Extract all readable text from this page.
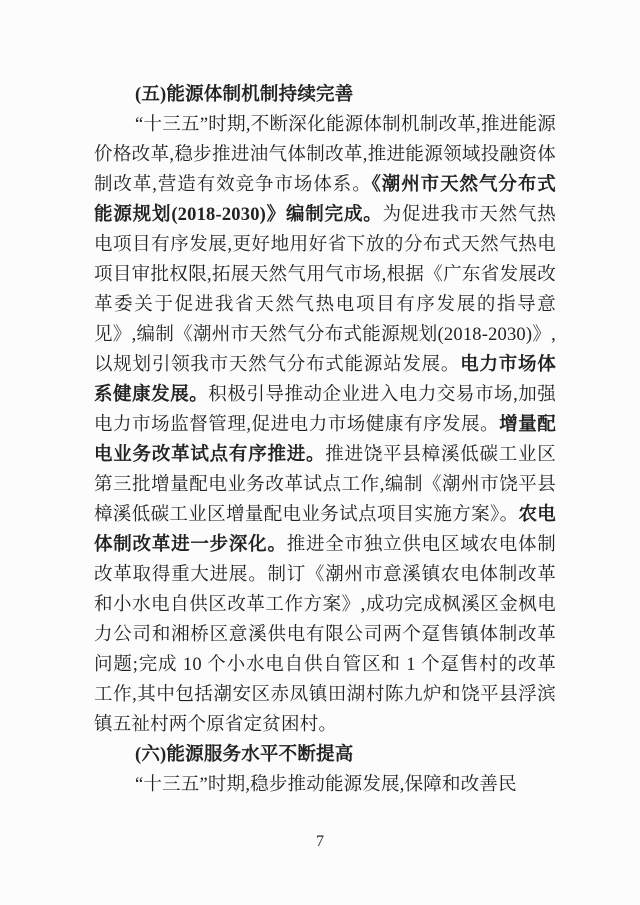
(五)能源体制机制持续完善

“十三五”时期,不断深化能源体制机制改革,推进能源价格改革,稳步推进油气体制改革,推进能源领域投融资体制改革,营造有效竞争市场体系。《潮州市天然气分布式能源规划(2018-2030)》编制完成。为促进我市天然气热电项目有序发展,更好地用好省下放的分布式天然气热电项目审批权限,拓展天然气用气市场,根据《广东省发展改革委关于促进我省天然气热电项目有序发展的指导意见》,编制《潮州市天然气分布式能源规划(2018-2030)》,以规划引领我市天然气分布式能源站发展。电力市场体系健康发展。积极引导推动企业进入电力交易市场,加强电力市场监督管理,促进电力市场健康有序发展。增量配电业务改革试点有序推进。推进饶平县樟溪低碳工业区第三批增量配电业务改革试点工作,编制《潮州市饶平县樟溪低碳工业区增量配电业务试点项目实施方案》。农电体制改革进一步深化。推进全市独立供电区域农电体制改革取得重大进展。制订《潮州市意溪镇农电体制改革和小水电自供区改革工作方案》,成功完成枫溪区金枫电力公司和湘桥区意溪供电有限公司两个趸售镇体制改革问题;完成 10 个小水电自供自管区和 1 个趸售村的改革工作,其中包括潮安区赤凤镇田湖村陈九炉和饶平县浮滨镇五祉村两个原省定贫困村。

(六)能源服务水平不断提高

“十三五”时期,稳步推动能源发展,保障和改善民

7
